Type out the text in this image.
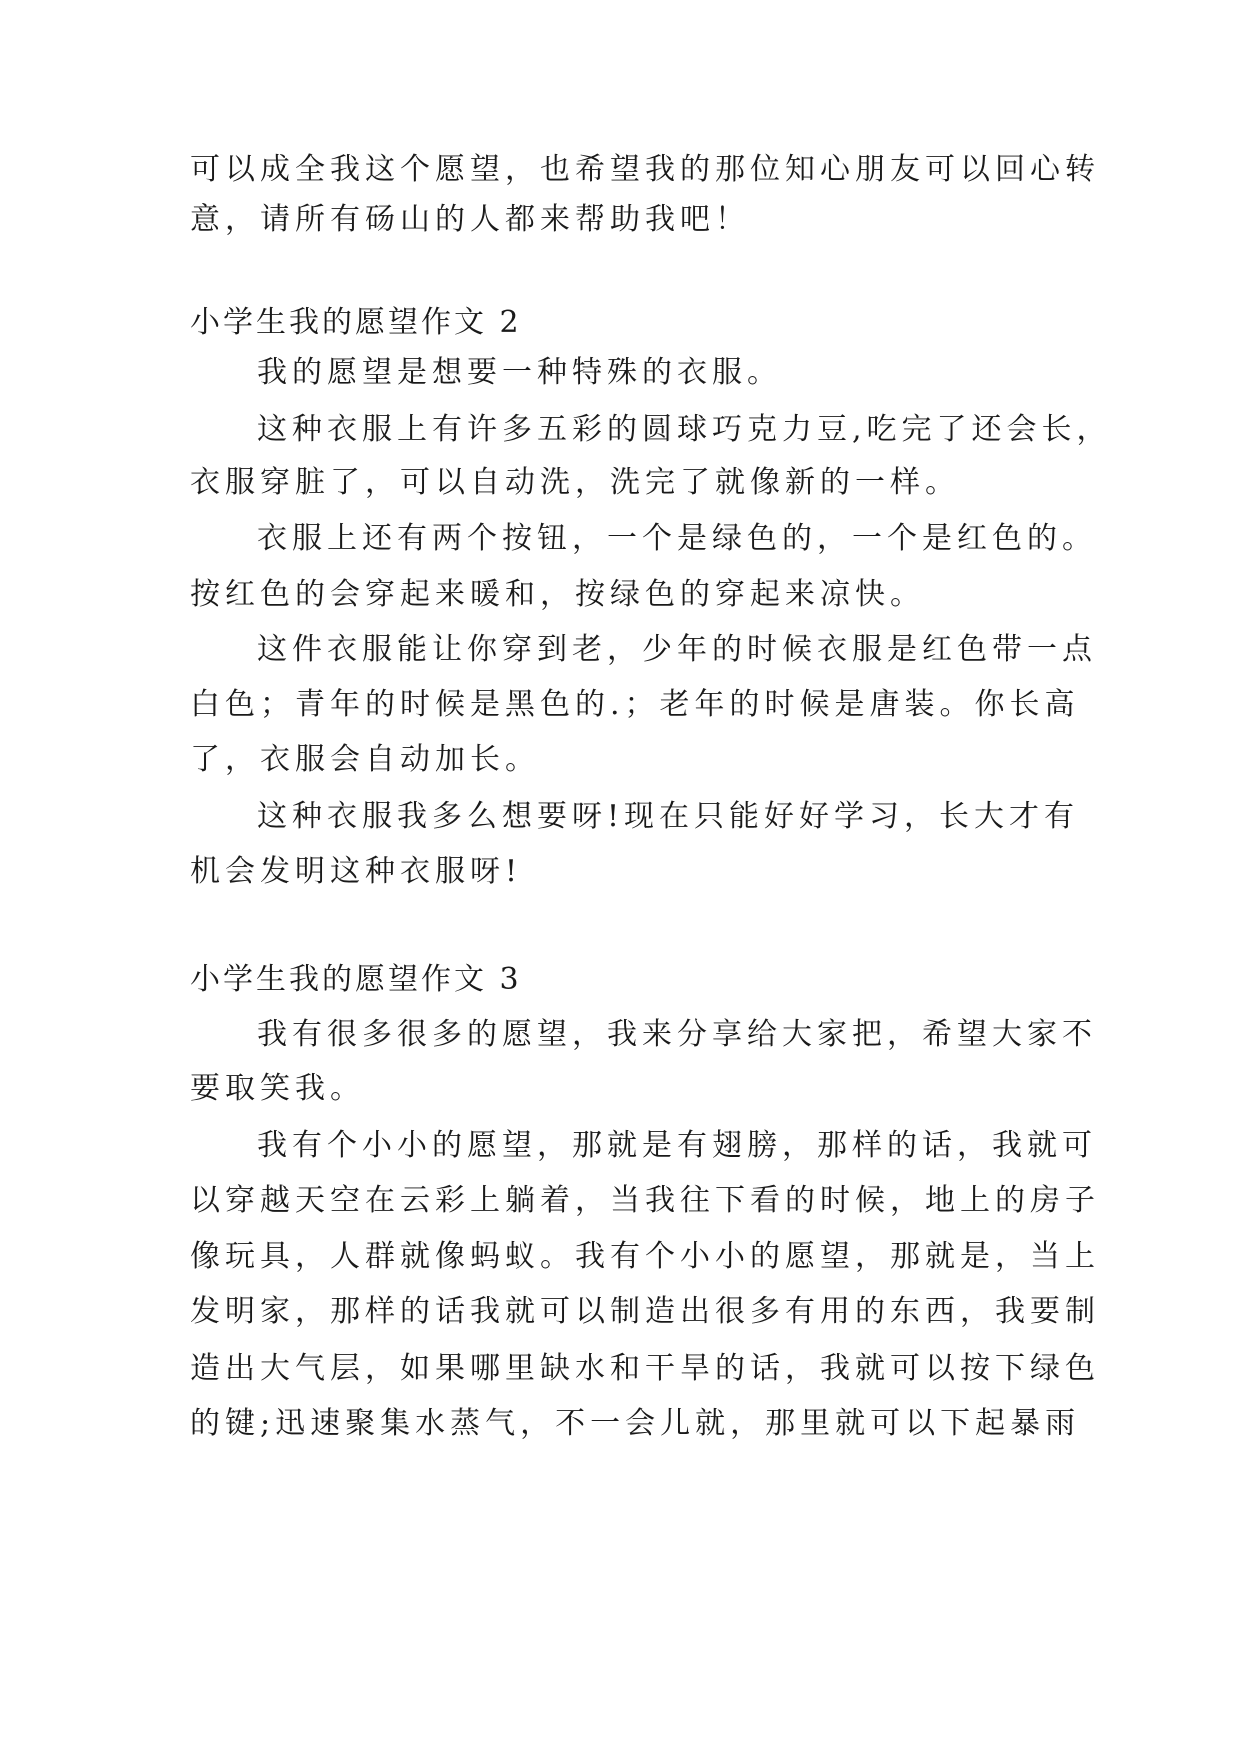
可以成全我这个愿望，也希望我的那位知心朋友可以回心转

意，请所有砀山的人都来帮助我吧！

小学生我的愿望作文 2

我的愿望是想要一种特殊的衣服。

这种衣服上有许多五彩的圆球巧克力豆,吃完了还会长，

衣服穿脏了，可以自动洗，洗完了就像新的一样。

衣服上还有两个按钮，一个是绿色的，一个是红色的。

按红色的会穿起来暖和，按绿色的穿起来凉快。

这件衣服能让你穿到老，少年的时候衣服是红色带一点

白色；青年的时候是黑色的.；老年的时候是唐装。你长高

了，衣服会自动加长。

这种衣服我多么想要呀!现在只能好好学习，长大才有

机会发明这种衣服呀!

小学生我的愿望作文 3

我有很多很多的愿望，我来分享给大家把，希望大家不

要取笑我。

我有个小小的愿望，那就是有翅膀，那样的话，我就可

以穿越天空在云彩上躺着，当我往下看的时候，地上的房子

像玩具，人群就像蚂蚁。我有个小小的愿望，那就是，当上

发明家，那样的话我就可以制造出很多有用的东西，我要制

造出大气层，如果哪里缺水和干旱的话，我就可以按下绿色

的键;迅速聚集水蒸气，不一会儿就，那里就可以下起暴雨
